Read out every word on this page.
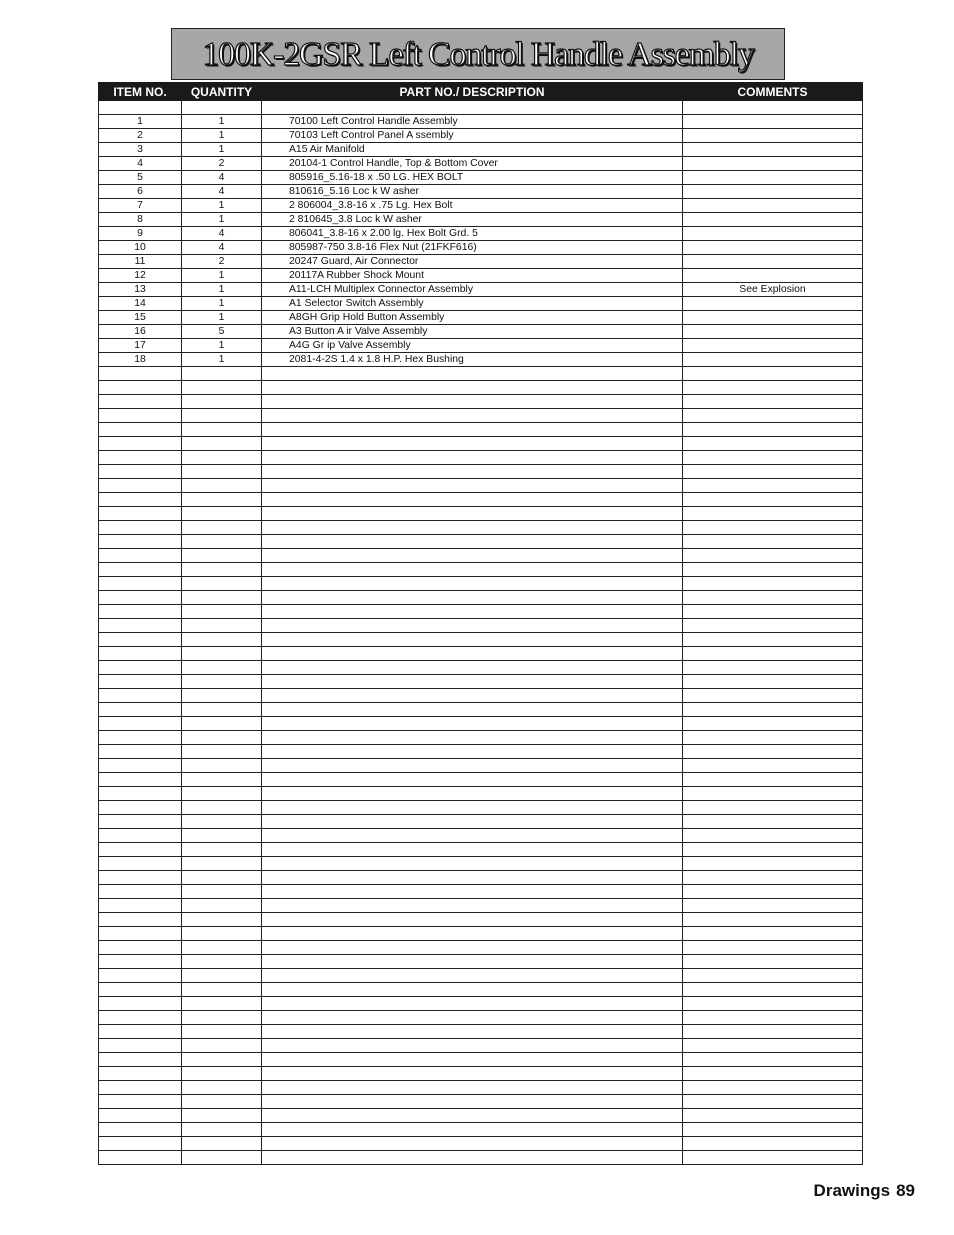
100K-2GSR Left Control Handle Assembly
ITEM NO.	QUANTITY	PART NO./ DESCRIPTION	COMMENTS

1	1	70100 Left Control Handle Assembly	
2	1	70103 Left Control Panel A ssembly	
3	1	A15 Air Manifold	
4	2	20104-1 Control Handle, Top & Bottom Cover	
5	4	805916_5.16-18 x .50 LG. HEX BOLT	
6	4	810616_5.16 Loc k W asher	
7	1	2 806004_3.8-16 x .75 Lg. Hex Bolt	
8	1	2 810645_3.8 Loc k W asher	
9	4	806041_3.8-16 x 2.00 lg. Hex Bolt Grd. 5	
10	4	805987-750 3.8-16 Flex Nut (21FKF616)	
11	2	20247 Guard, Air Connector	
12	1	20117A Rubber Shock Mount	
13	1	A11-LCH Multiplex Connector Assembly	See Explosion
14	1	A1 Selector Switch Assembly	
15	1	A8GH Grip Hold Button Assembly	
16	5	A3 Button A ir Valve Assembly	
17	1	A4G Gr ip Valve Assembly	
18	1	2081-4-2S 1.4 x 1.8 H.P. Hex Bushing	

Drawings 89
